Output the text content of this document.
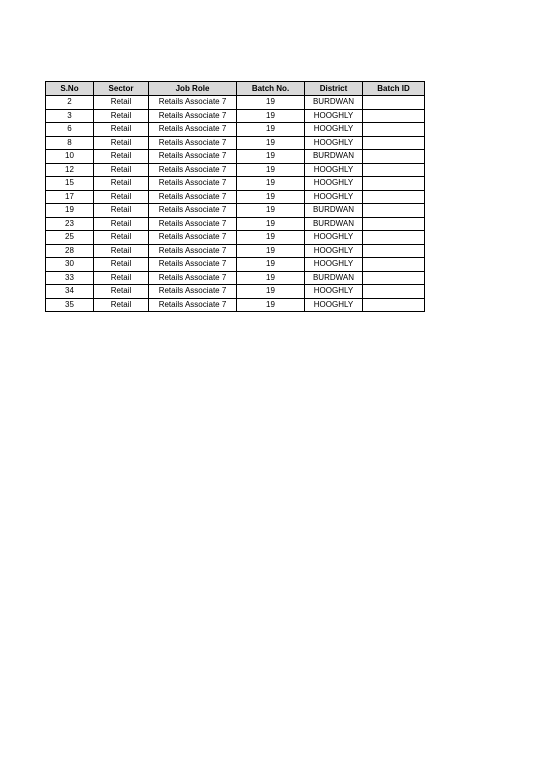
S.No	Sector	Job Role	Batch No.	District	Batch ID
2	Retail	Retails Associate 7	19	BURDWAN	
3	Retail	Retails Associate 7	19	HOOGHLY	
6	Retail	Retails Associate 7	19	HOOGHLY	
8	Retail	Retails Associate 7	19	HOOGHLY	
10	Retail	Retails Associate 7	19	BURDWAN	
12	Retail	Retails Associate 7	19	HOOGHLY	
15	Retail	Retails Associate 7	19	HOOGHLY	
17	Retail	Retails Associate 7	19	HOOGHLY	
19	Retail	Retails Associate 7	19	BURDWAN	
23	Retail	Retails Associate 7	19	BURDWAN	
25	Retail	Retails Associate 7	19	HOOGHLY	
28	Retail	Retails Associate 7	19	HOOGHLY	
30	Retail	Retails Associate 7	19	HOOGHLY	
33	Retail	Retails Associate 7	19	BURDWAN	
34	Retail	Retails Associate 7	19	HOOGHLY	
35	Retail	Retails Associate 7	19	HOOGHLY	
